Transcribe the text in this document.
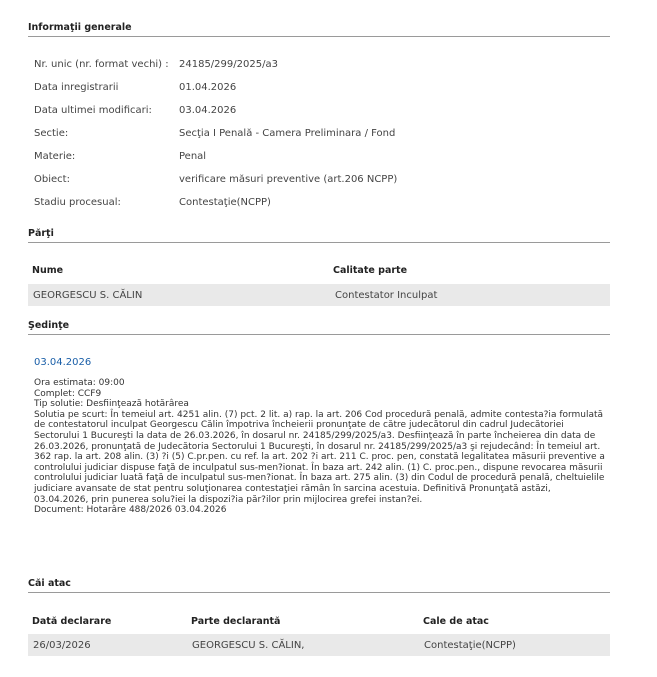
Informaţii generale
Nr. unic (nr. format vechi) : 24185/299/2025/a3
Data inregistrarii	01.04.2026
Data ultimei modificari:	03.04.2026
Sectie:	Secţia I Penală - Camera Preliminara / Fond
Materie:	Penal
Obiect:	verificare măsuri preventive (art.206 NCPP)
Stadiu procesual:	Contestaţie(NCPP)
Părţi
Nume	Calitate parte
GEORGESCU S. CĂLIN	Contestator Inculpat
Şedinţe
03.04.2026
Ora estimata: 09:00
Complet: CCF9
Tip solutie: Desfiinţează hotărârea
Solutia pe scurt: În temeiul art. 4251 alin. (7) pct. 2 lit. a) rap. la art. 206 Cod procedură penală, admite contesta?ia formulată de contestatorul inculpat Georgescu Călin împotriva încheierii pronunţate de către judecătorul din cadrul Judecătoriei Sectorului 1 Bucureşti la data de 26.03.2026, în dosarul nr. 24185/299/2025/a3. Desfiinţează în parte încheierea din data de 26.03.2026, pronunţată de Judecătoria Sectorului 1 Bucureşti, în dosarul nr. 24185/299/2025/a3 şi rejudecând: În temeiul art. 362 rap. la art. 208 alin. (3) ?i (5) C.pr.pen. cu ref. la art. 202 ?i art. 211 C. proc. pen, constată legalitatea măsurii preventive a controlului judiciar dispuse faţă de inculpatul sus-men?ionat. În baza art. 242 alin. (1) C. proc.pen., dispune revocarea măsurii controlului judiciar luată faţă de inculpatul sus-men?ionat. În baza art. 275 alin. (3) din Codul de procedură penală, cheltuielile judiciare avansate de stat pentru soluţionarea contestaţiei rămân în sarcina acestuia. Definitivă Pronunţată astăzi, 03.04.2026, prin punerea solu?iei la dispozi?ia păr?ilor prin mijlocirea grefei instan?ei.
Document: Hotarâre 488/2026 03.04.2026
Căi atac
Dată declarare	Parte declarantă	Cale de atac
26/03/2026	GEORGESCU S. CĂLIN,	Contestaţie(NCPP)
